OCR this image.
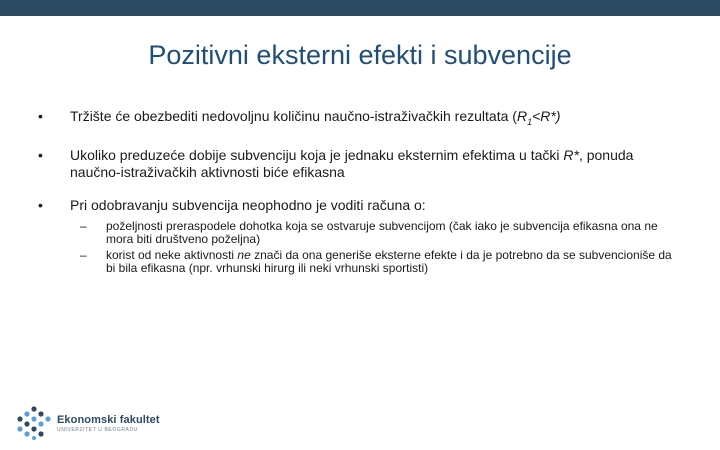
Pozitivni eksterni efekti i subvencije
• Tržište će obezbediti nedovoljnu količinu naučno-istraživačkih rezultata $(R_1<R*)$
• Ukoliko preduzeće dobije subvenciju koja je jednaku eksternim efektima u tački R*, ponuda naučno-istraživačkih aktivnosti biće efikasna
• Pri odobravanju subvencija neophodno je voditi računa o:
– poželjnosti preraspodele dohotka koja se ostvaruje subvencijom (čak iako je subvencija efikasna ona ne mora biti društveno poželjna)
– korist od neke aktivnosti ne znači da ona generiše eksterne efekte i da je potrebno da se subvencioniše da bi bila efikasna (npr. vrhunski hirurg ili neki vrhunski sportisti)
Ekonomski fakultet
UNIVERZITET U BEOGRADU
